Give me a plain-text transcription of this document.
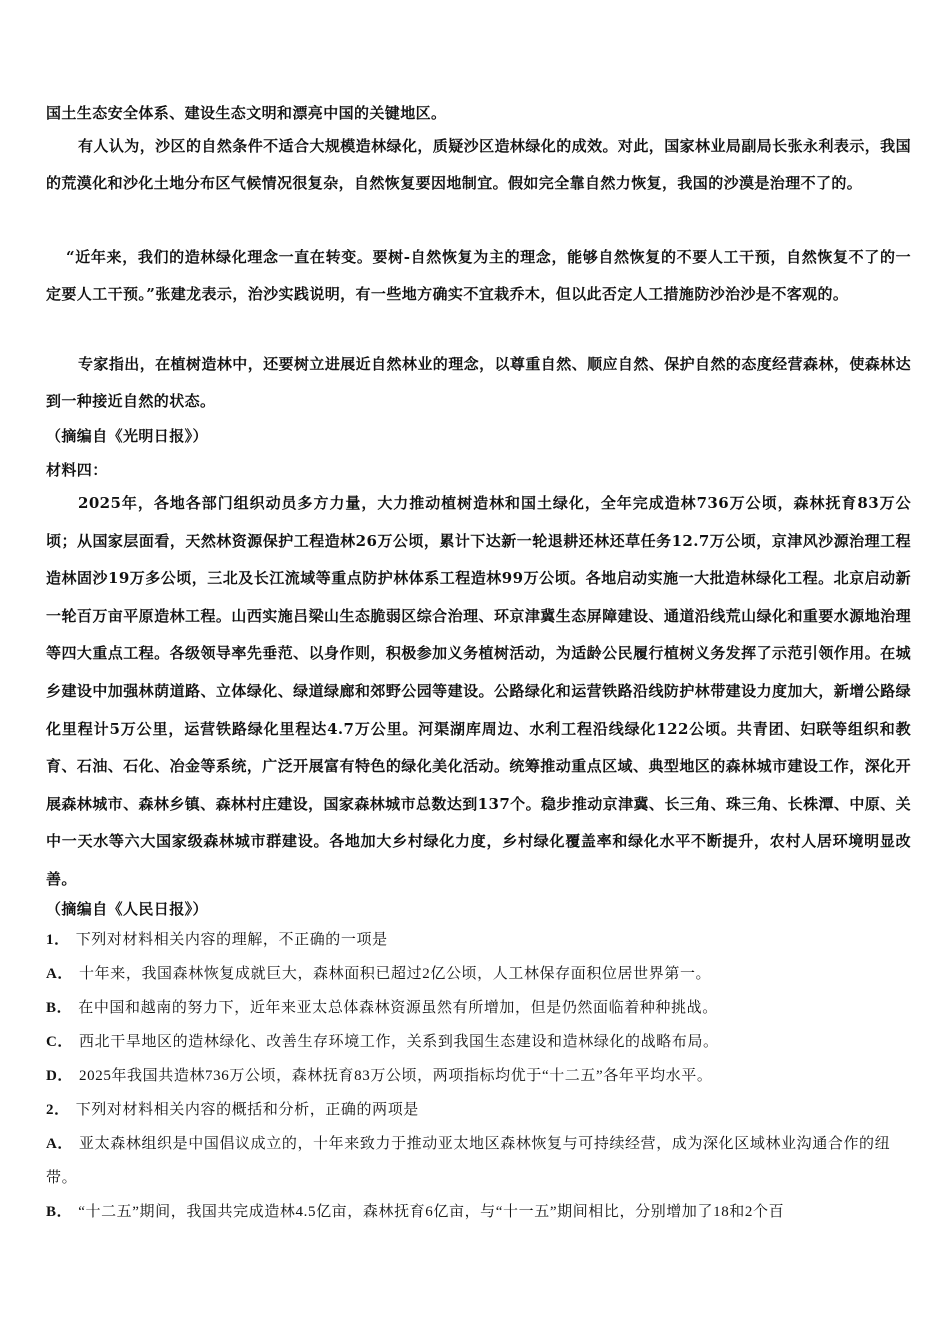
国土生态安全体系、建设生态文明和漂亮中国的关键地区。

有人认为，沙区的自然条件不适合大规模造林绿化，质疑沙区造林绿化的成效。对此，国家林业局副局长张永利表示，我国的荒漠化和沙化土地分布区气候情况很复杂，自然恢复要因地制宜。假如完全靠自然力恢复，我国的沙漠是治理不了的。

“近年来，我们的造林绿化理念一直在转变。要树-自然恢复为主的理念，能够自然恢复的不要人工干预，自然恢复不了的一定要人工干预。”张建龙表示，治沙实践说明，有一些地方确实不宜栽乔木，但以此否定人工措施防沙治沙是不客观的。

专家指出，在植树造林中，还要树立进展近自然林业的理念，以尊重自然、顺应自然、保护自然的态度经营森林，使森林达到一种接近自然的状态。

（摘编自《光明日报》）

材料四：

2025年，各地各部门组织动员多方力量，大力推动植树造林和国土绿化，全年完成造林736万公顷，森林抚育83万公顷；从国家层面看，天然林资源保护工程造林26万公顷，累计下达新一轮退耕还林还草任务12.7万公顷，京津风沙源治理工程造林固沙19万多公顷，三北及长江流域等重点防护林体系工程造林99万公顷。各地启动实施一大批造林绿化工程。北京启动新一轮百万亩平原造林工程。山西实施吕梁山生态脆弱区综合治理、环京津冀生态屏障建设、通道沿线荒山绿化和重要水源地治理等四大重点工程。各级领导率先垂范、以身作则，积极参加义务植树活动，为适龄公民履行植树义务发挥了示范引领作用。在城乡建设中加强林荫道路、立体绿化、绿道绿廊和郊野公园等建设。公路绿化和运营铁路沿线防护林带建设力度加大，新增公路绿化里程计5万公里，运营铁路绿化里程达4.7万公里。河渠湖库周边、水利工程沿线绿化122公顷。共青团、妇联等组织和教育、石油、石化、冶金等系统，广泛开展富有特色的绿化美化活动。统筹推动重点区域、典型地区的森林城市建设工作，深化开展森林城市、森林乡镇、森林村庄建设，国家森林城市总数达到137个。稳步推动京津冀、长三角、珠三角、长株潭、中原、关中一天水等六大国家级森林城市群建设。各地加大乡村绿化力度，乡村绿化覆盖率和绿化水平不断提升，农村人居环境明显改善。

（摘编自《人民日报》）

1． 下列对材料相关内容的理解，不正确的一项是

A． 十年来，我国森林恢复成就巨大，森林面积已超过2亿公顷，人工林保存面积位居世界第一。

B． 在中国和越南的努力下，近年来亚太总体森林资源虽然有所增加，但是仍然面临着种种挑战。

C． 西北干旱地区的造林绿化、改善生存环境工作，关系到我国生态建设和造林绿化的战略布局。

D． 2025年我国共造林736万公顷，森林抚育83万公顷，两项指标均优于“十二五”各年平均水平。

2． 下列对材料相关内容的概括和分析，正确的两项是

A． 亚太森林组织是中国倡议成立的，十年来致力于推动亚太地区森林恢复与可持续经营，成为深化区域林业沟通合作的纽带。

B． “十二五”期间，我国共完成造林4.5亿亩，森林抚育6亿亩，与“十一五”期间相比，分别增加了18和2个百
